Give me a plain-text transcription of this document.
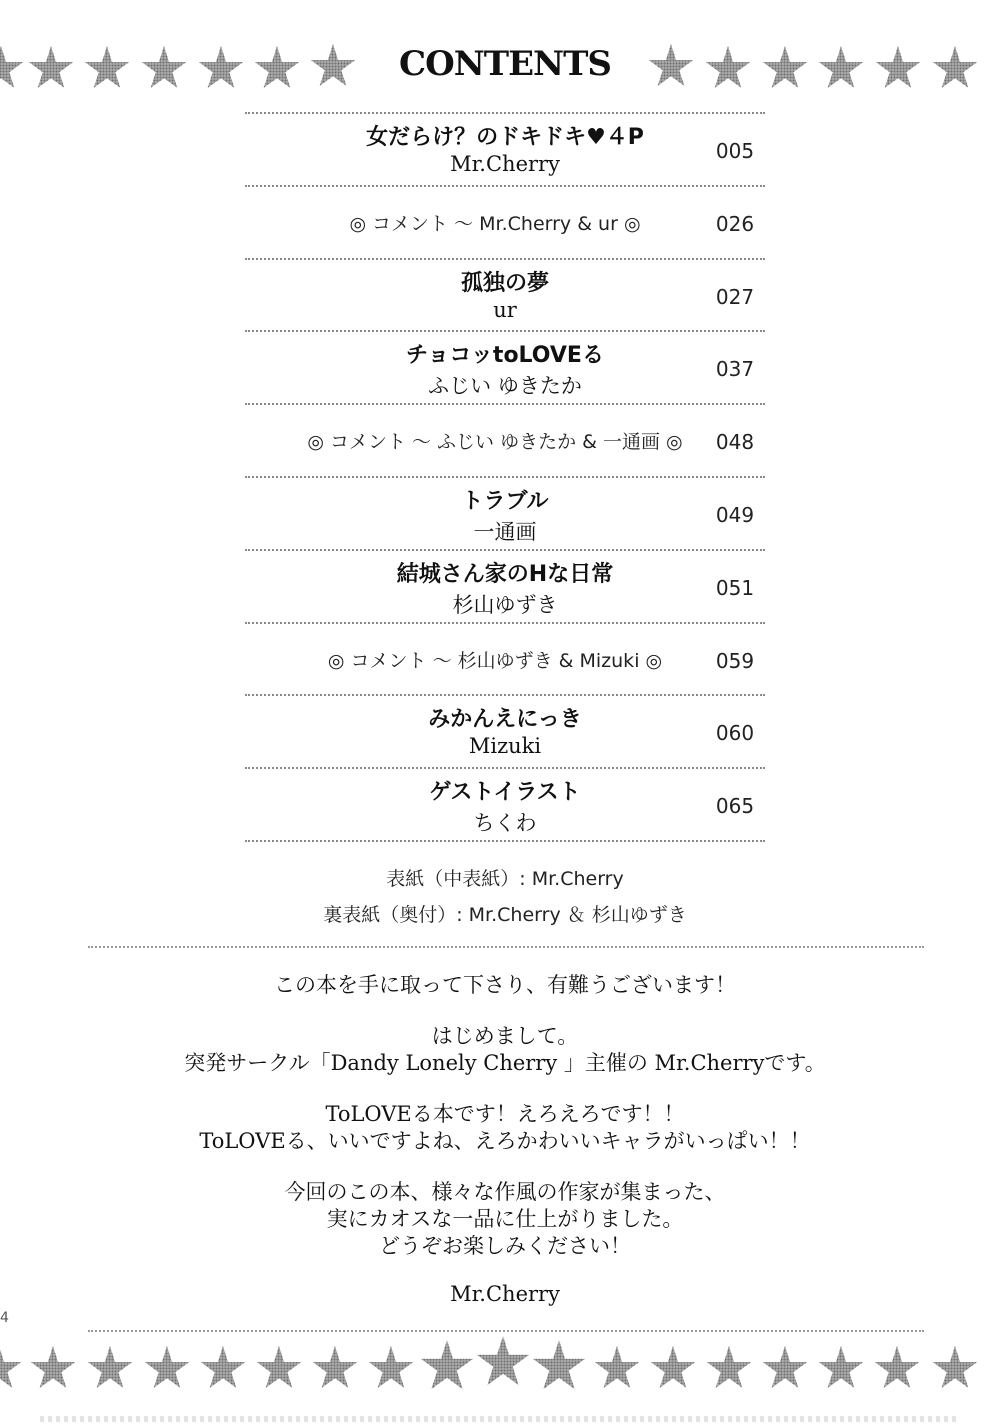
CONTENTS
女だらけ？のドキドキ♥４P
Mr.Cherry
005
◎ コメント 〜 Mr.Cherry & ur ◎	026
孤独の夢
ur
027
チョコッtoLOVEる
ふじい ゆきたか
037
◎ コメント 〜 ふじい ゆきたか & 一通画 ◎	048
トラブル
一通画
049
結城さん家のHな日常
杉山ゆずき
051
◎ コメント 〜 杉山ゆずき & Mizuki ◎	059
みかんえにっき
Mizuki
060
ゲストイラスト
ちくわ
065
表紙（中表紙）: Mr.Cherry
裏表紙（奥付）: Mr.Cherry ＆ 杉山ゆずき

この本を手に取って下さり、有難うございます！

はじめまして。

突発サークル「Dandy Lonely Cherry 」主催の Mr.Cherryです。

ToLOVEる本です！えろえろです！！

ToLOVEる、いいですよね、えろかわいいキャラがいっぱい！！

今回のこの本、様々な作風の作家が集まった、

実にカオスな一品に仕上がりました。

どうぞお楽しみください！

Mr.Cherry

4
